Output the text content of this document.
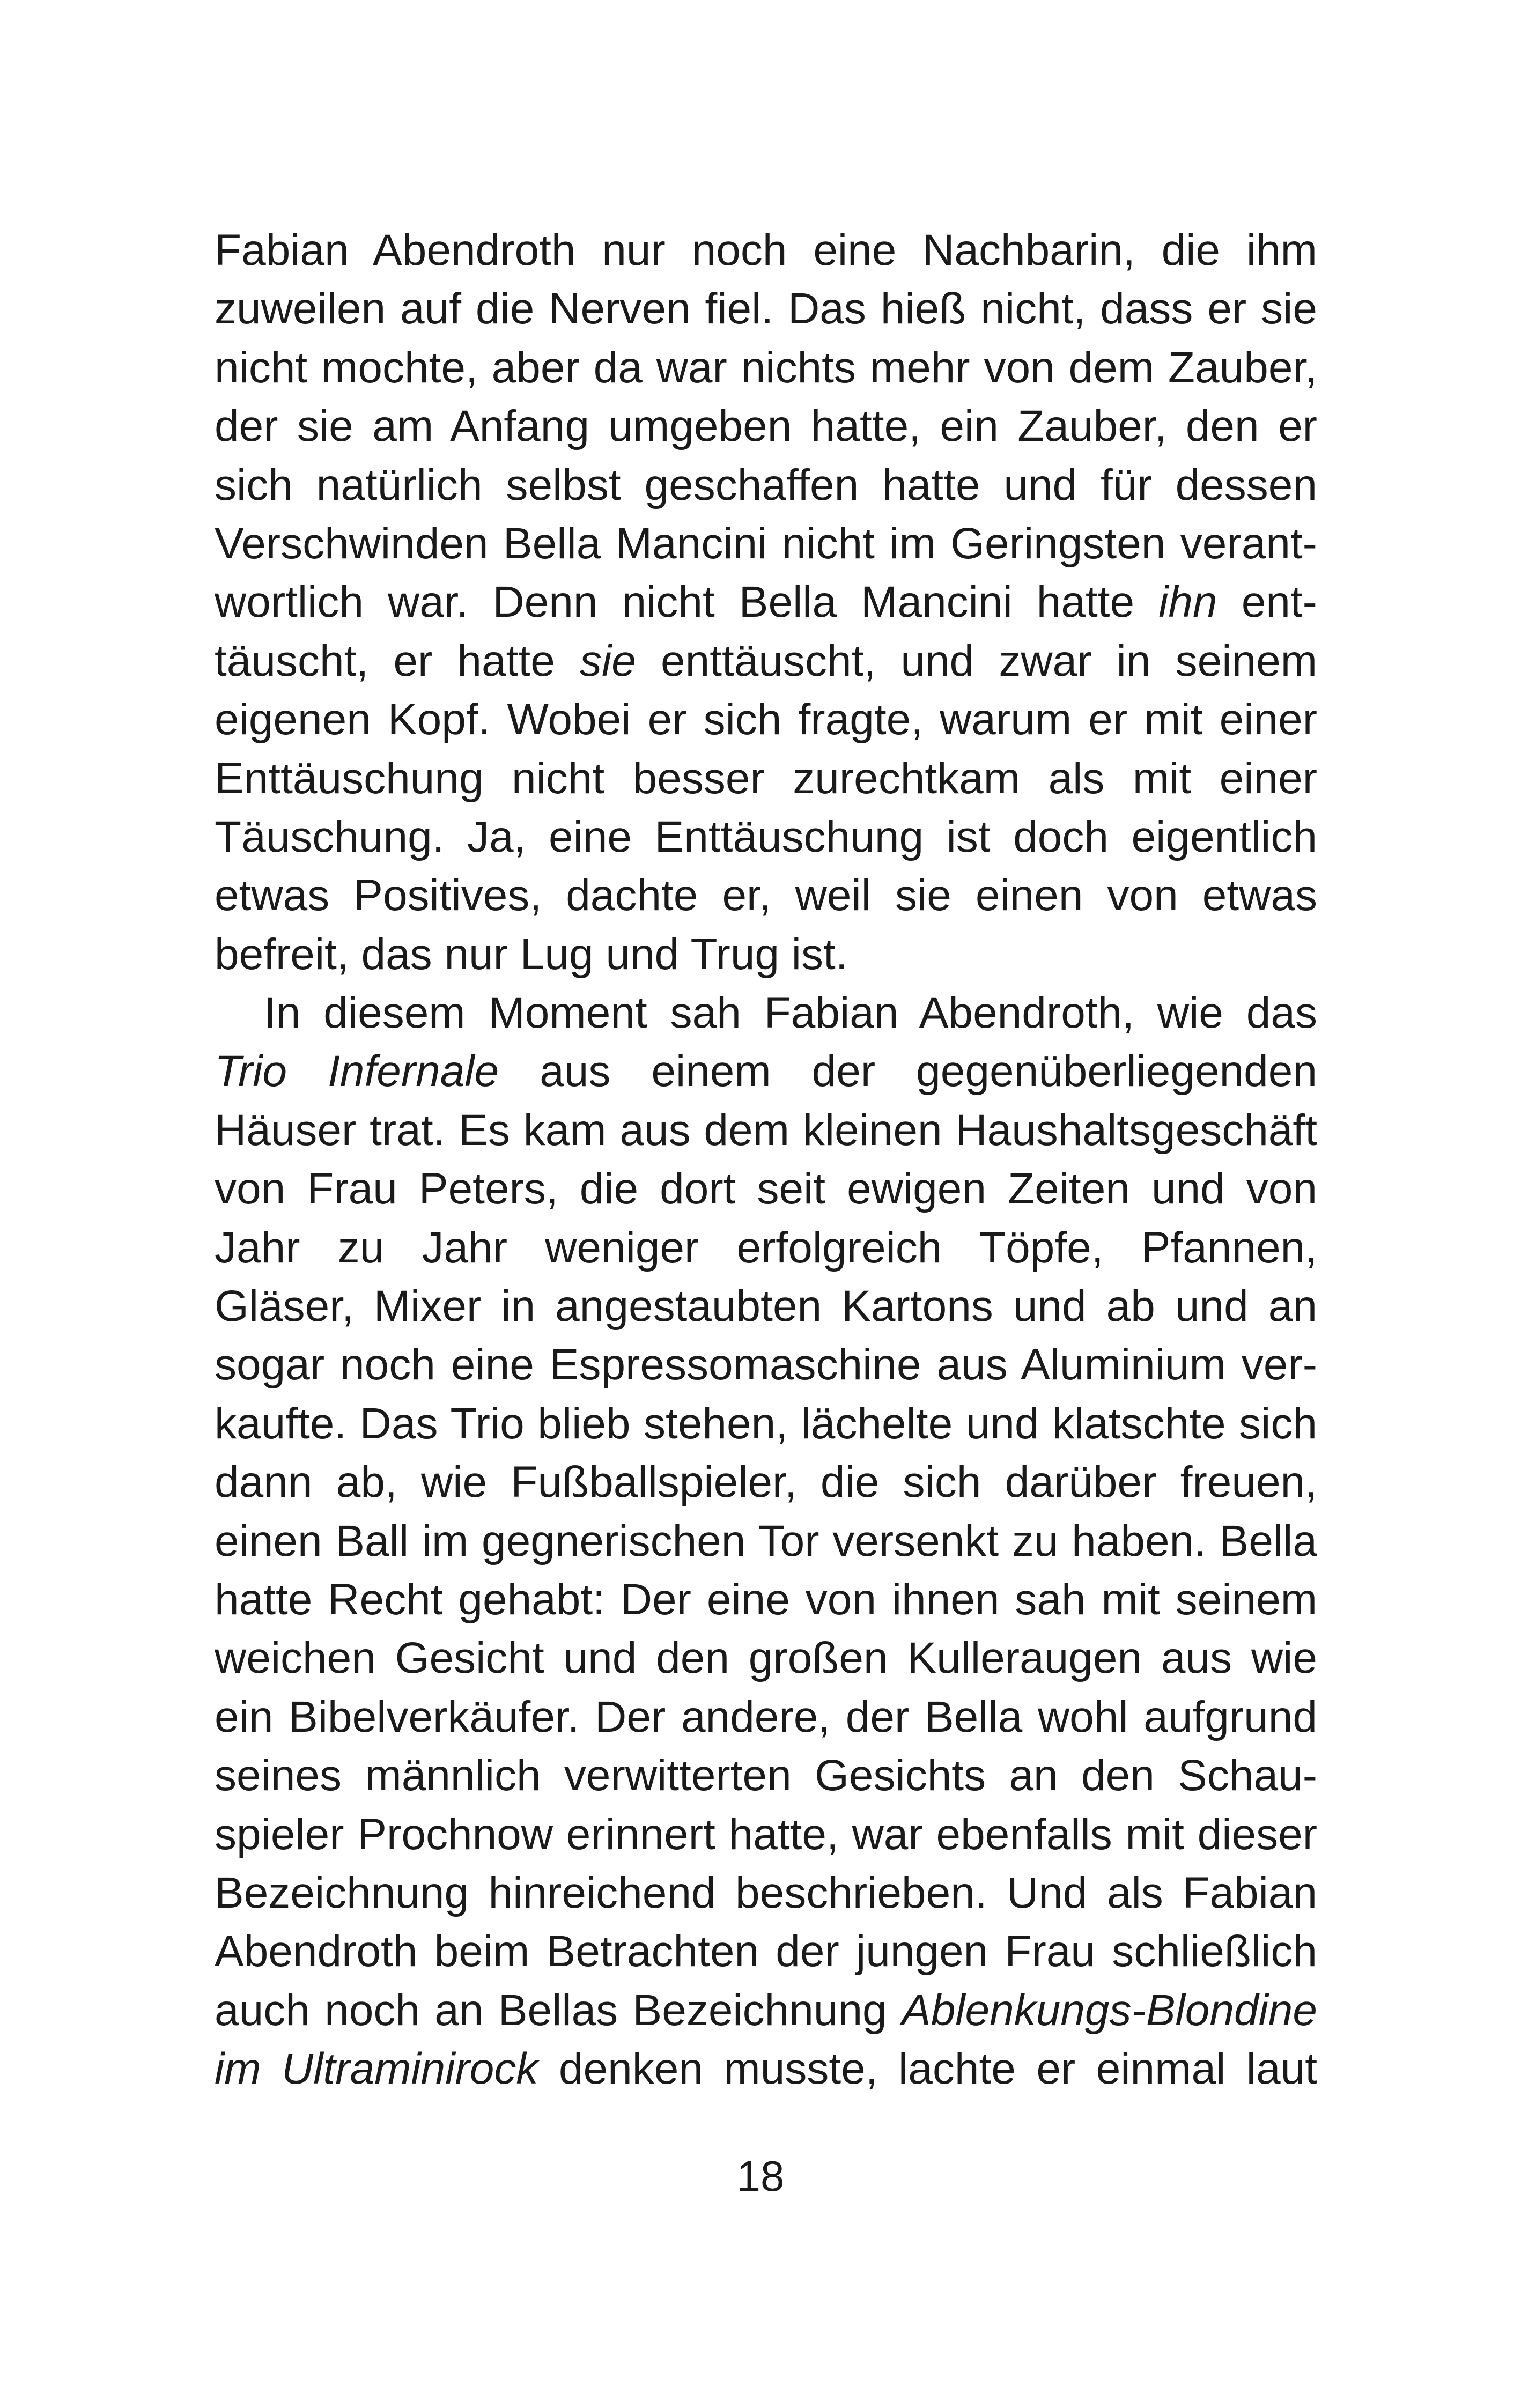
Fabian Abendroth nur noch eine Nachbarin, die ihm
zuweilen auf die Nerven fiel. Das hieß nicht, dass er sie
nicht mochte, aber da war nichts mehr von dem Zauber,
der sie am Anfang umgeben hatte, ein Zauber, den er
sich natürlich selbst geschaffen hatte und für dessen
Verschwinden Bella Mancini nicht im Geringsten verant-
wortlich war. Denn nicht Bella Mancini hatte ihn ent-
täuscht, er hatte sie enttäuscht, und zwar in seinem
eigenen Kopf. Wobei er sich fragte, warum er mit einer
Enttäuschung nicht besser zurechtkam als mit einer
Täuschung. Ja, eine Enttäuschung ist doch eigentlich
etwas Positives, dachte er, weil sie einen von etwas
befreit, das nur Lug und Trug ist.
In diesem Moment sah Fabian Abendroth, wie das
Trio Infernale aus einem der gegenüberliegenden
Häuser trat. Es kam aus dem kleinen Haushaltsgeschäft
von Frau Peters, die dort seit ewigen Zeiten und von
Jahr zu Jahr weniger erfolgreich Töpfe, Pfannen,
Gläser, Mixer in angestaubten Kartons und ab und an
sogar noch eine Espressomaschine aus Aluminium ver-
kaufte. Das Trio blieb stehen, lächelte und klatschte sich
dann ab, wie Fußballspieler, die sich darüber freuen,
einen Ball im gegnerischen Tor versenkt zu haben. Bella
hatte Recht gehabt: Der eine von ihnen sah mit seinem
weichen Gesicht und den großen Kulleraugen aus wie
ein Bibelverkäufer. Der andere, der Bella wohl aufgrund
seines männlich verwitterten Gesichts an den Schau-
spieler Prochnow erinnert hatte, war ebenfalls mit dieser
Bezeichnung hinreichend beschrieben. Und als Fabian
Abendroth beim Betrachten der jungen Frau schließlich
auch noch an Bellas Bezeichnung Ablenkungs-Blondine
im Ultraminirock denken musste, lachte er einmal laut
18
